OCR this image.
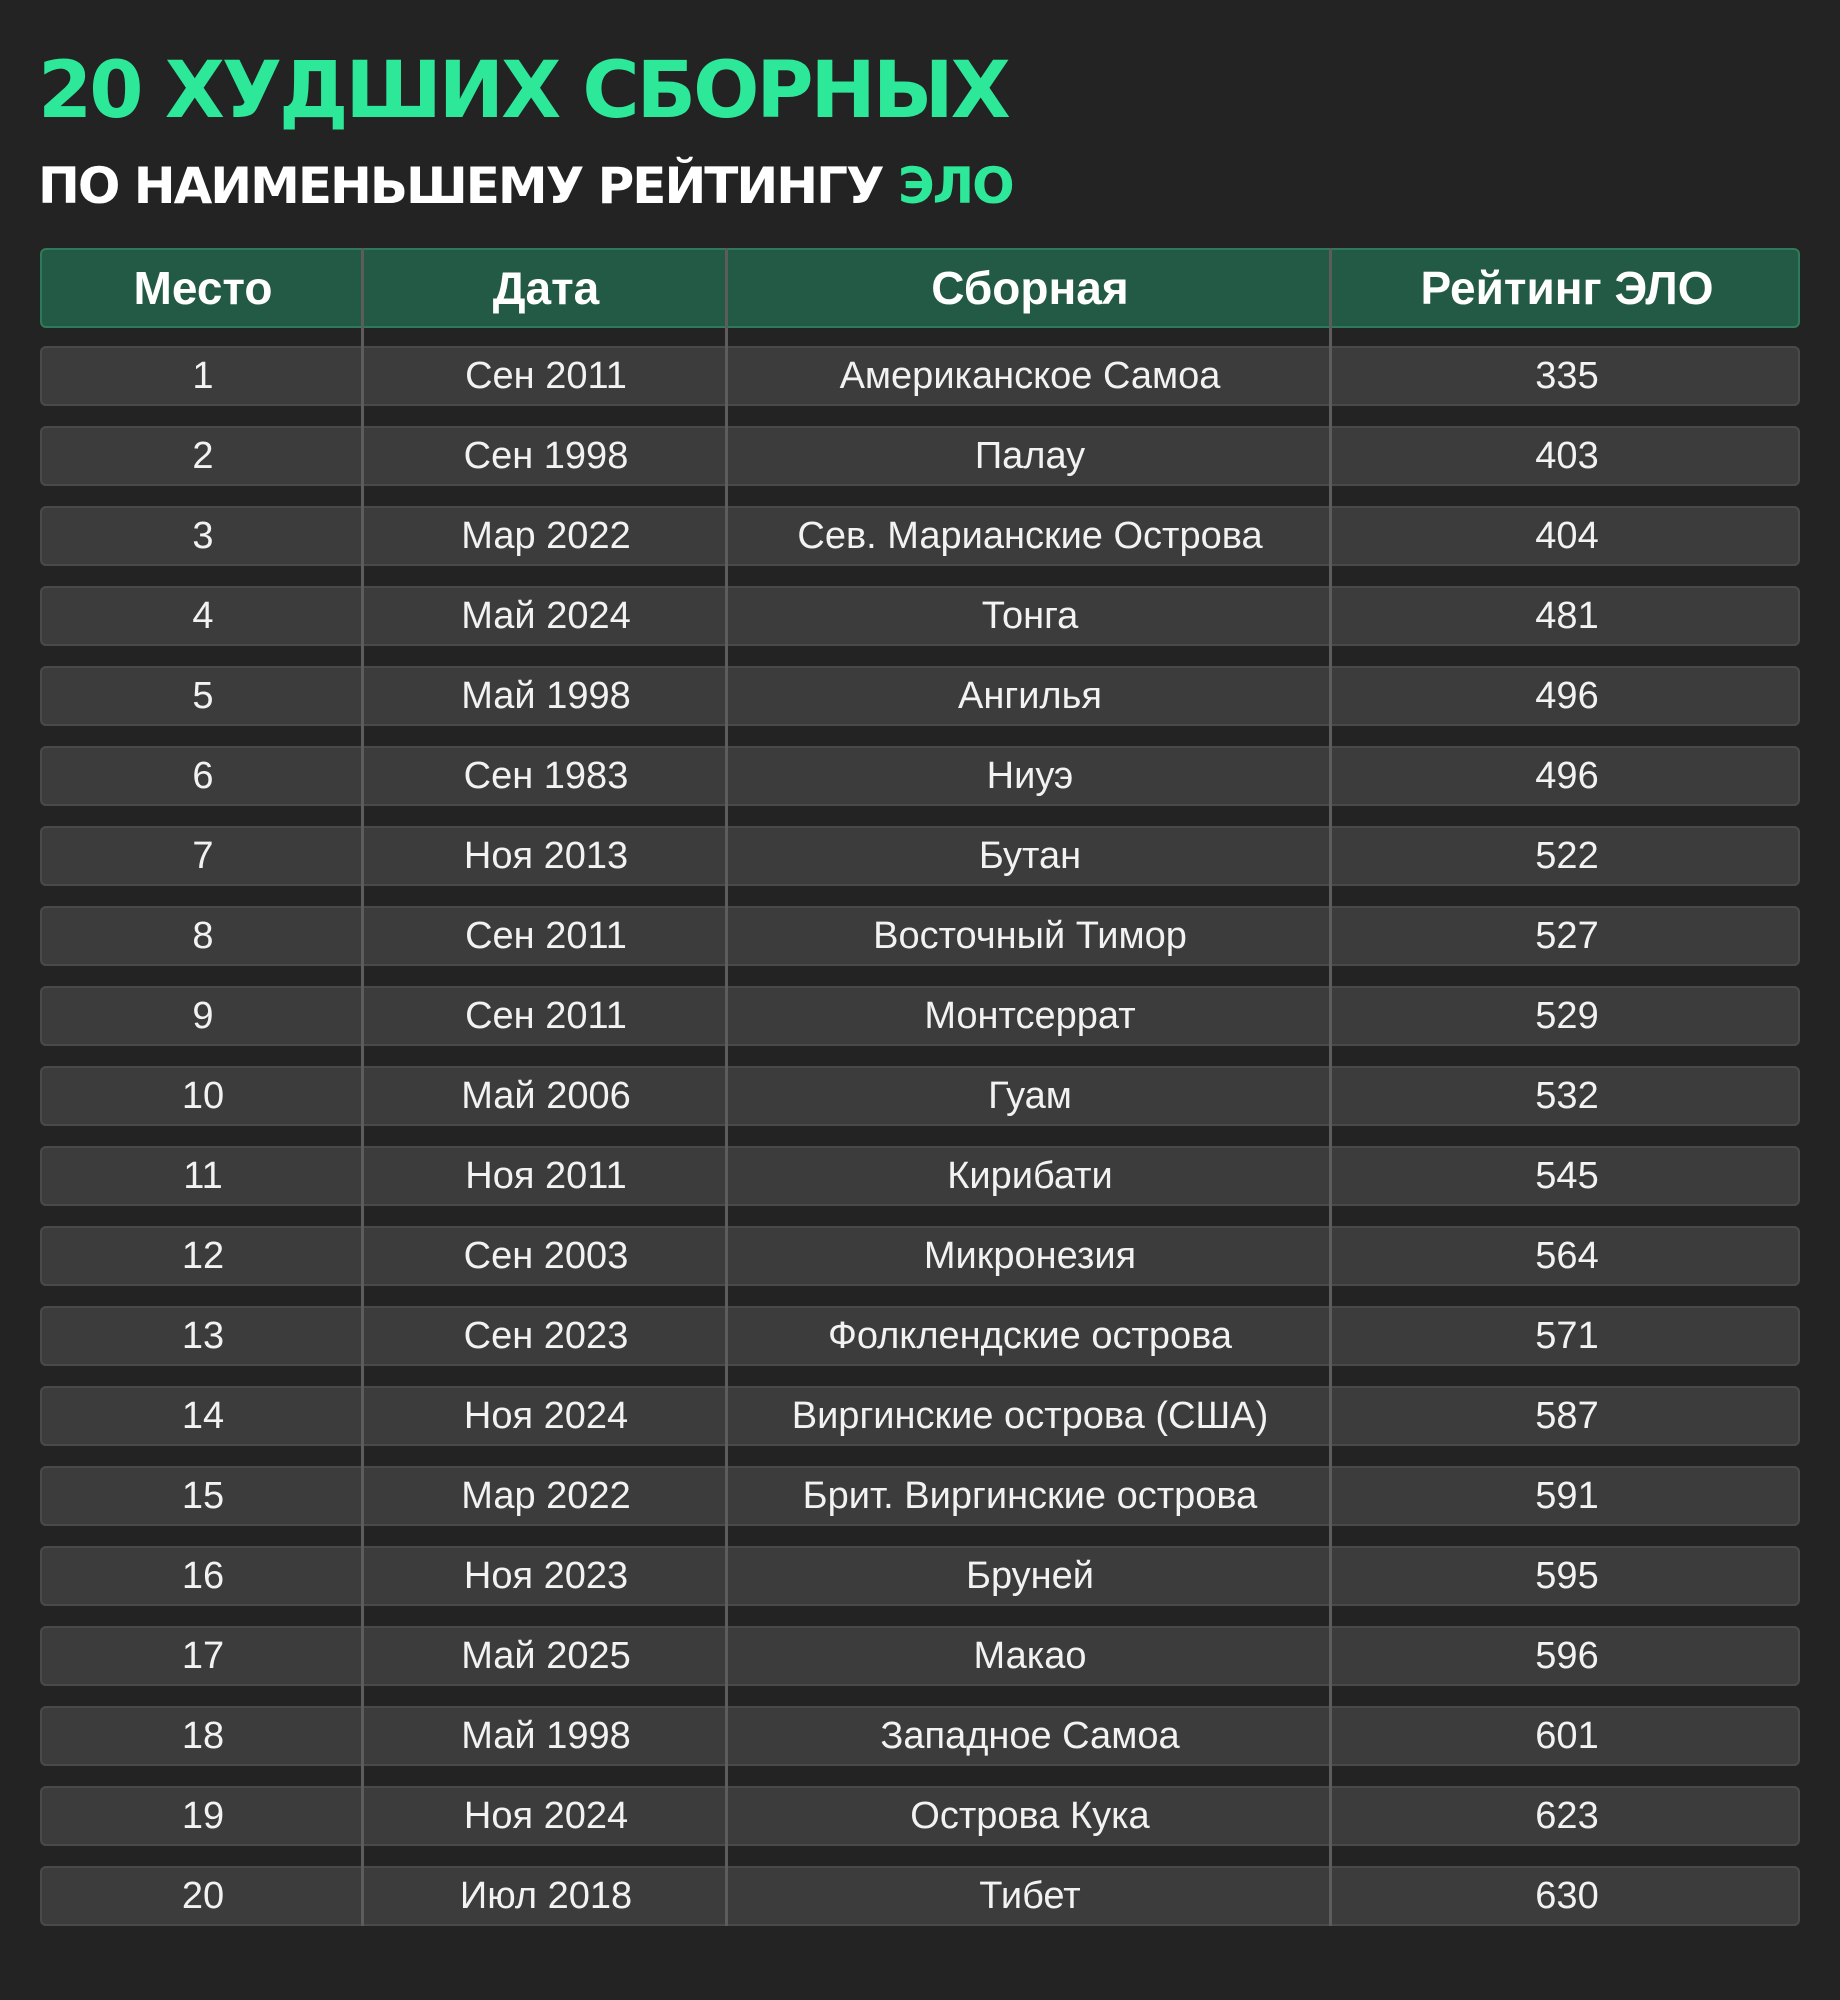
20 ХУДШИХ СБОРНЫХ
ПО НАИМЕНЬШЕМУ РЕЙТИНГУ ЭЛО
Место	Дата	Сборная	Рейтинг ЭЛО
1	Сен 2011	Американское Самоа	335
2	Сен 1998	Палау	403
3	Мар 2022	Сев. Марианские Острова	404
4	Май 2024	Тонга	481
5	Май 1998	Ангилья	496
6	Сен 1983	Ниуэ	496
7	Ноя 2013	Бутан	522
8	Сен 2011	Восточный Тимор	527
9	Сен 2011	Монтсеррат	529
10	Май 2006	Гуам	532
11	Ноя 2011	Кирибати	545
12	Сен 2003	Микронезия	564
13	Сен 2023	Фолклендские острова	571
14	Ноя 2024	Виргинские острова (США)	587
15	Мар 2022	Брит. Виргинские острова	591
16	Ноя 2023	Бруней	595
17	Май 2025	Макао	596
18	Май 1998	Западное Самоа	601
19	Ноя 2024	Острова Кука	623
20	Июл 2018	Тибет	630
